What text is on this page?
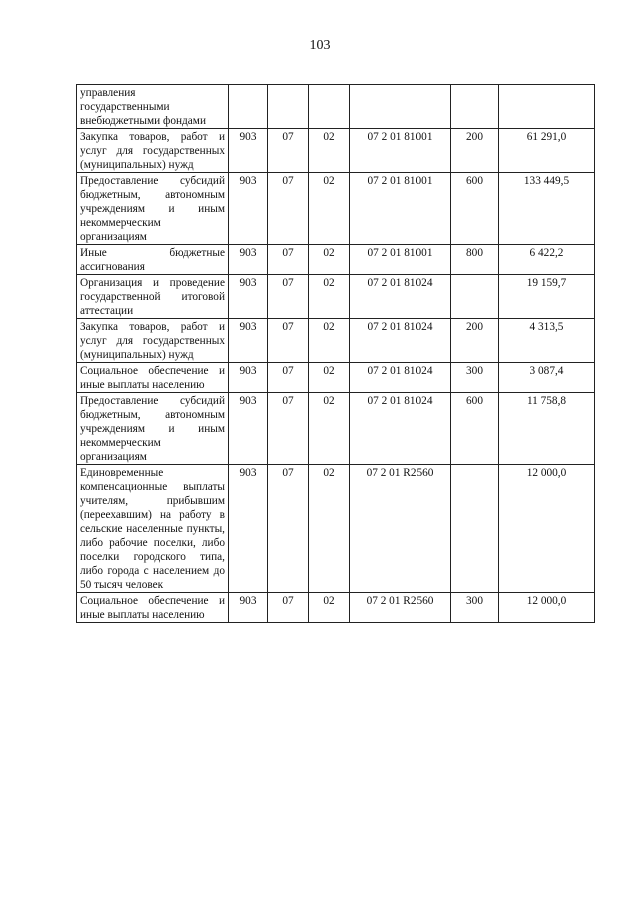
103
управления государственными внебюджетными фондами						
Закупка товаров, работ и услуг для государственных (муниципальных) нужд	903	07	02	07 2 01 81001	200	61 291,0
Предоставление субсидий бюджетным, автономным учреждениям и иным некоммерческим организациям	903	07	02	07 2 01 81001	600	133 449,5
Иные бюджетные ассигнования	903	07	02	07 2 01 81001	800	6 422,2
Организация и проведение государственной итоговой аттестации	903	07	02	07 2 01 81024		19 159,7
Закупка товаров, работ и услуг для государственных (муниципальных) нужд	903	07	02	07 2 01 81024	200	4 313,5
Социальное обеспечение и иные выплаты населению	903	07	02	07 2 01 81024	300	3 087,4
Предоставление субсидий бюджетным, автономным учреждениям и иным некоммерческим организациям	903	07	02	07 2 01 81024	600	11 758,8
Единовременные компенсационные выплаты учителям, прибывшим (переехавшим) на работу в сельские населенные пункты, либо рабочие поселки, либо поселки городского типа, либо города с населением до 50 тысяч человек	903	07	02	07 2 01 R2560		12 000,0
Социальное обеспечение и иные выплаты населению	903	07	02	07 2 01 R2560	300	12 000,0
